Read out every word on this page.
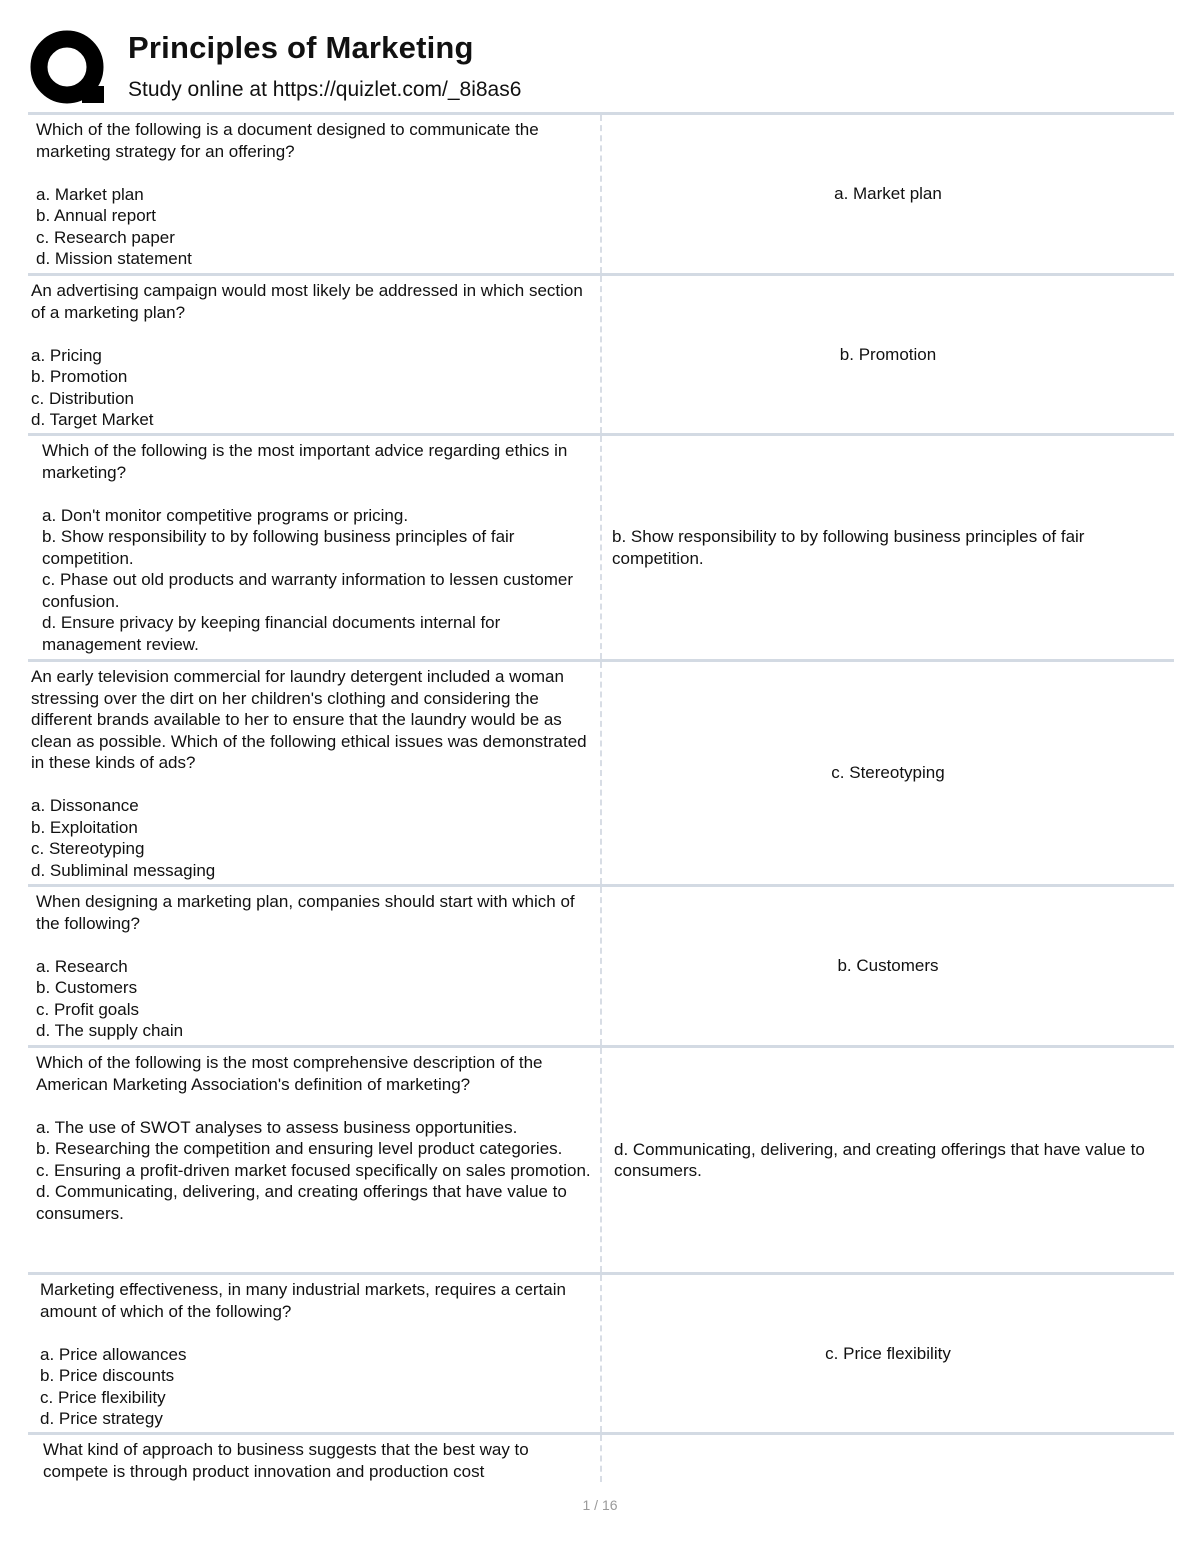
Principles of Marketing
Study online at https://quizlet.com/_8i8as6
Which of the following is a document designed to communicate the marketing strategy for an offering?

a. Market plan
b. Annual report
c. Research paper
d. Mission statement
a. Market plan
An advertising campaign would most likely be addressed in which section of a marketing plan?

a. Pricing
b. Promotion
c. Distribution
d. Target Market
b. Promotion
Which of the following is the most important advice regarding ethics in marketing?

a. Don't monitor competitive programs or pricing.
b. Show responsibility to by following business principles of fair competition.
c. Phase out old products and warranty information to lessen customer confusion.
d. Ensure privacy by keeping financial documents internal for management review.
b. Show responsibility to by following business principles of fair competition.
An early television commercial for laundry detergent included a woman stressing over the dirt on her children's clothing and considering the different brands available to her to ensure that the laundry would be as clean as possible. Which of the following ethical issues was demonstrated in these kinds of ads?

a. Dissonance
b. Exploitation
c. Stereotyping
d. Subliminal messaging
c. Stereotyping
When designing a marketing plan, companies should start with which of the following?

a. Research
b. Customers
c. Profit goals
d. The supply chain
b. Customers
Which of the following is the most comprehensive description of the American Marketing Association's definition of marketing?

a. The use of SWOT analyses to assess business opportunities.
b. Researching the competition and ensuring level product categories.
c. Ensuring a profit-driven market focused specifically on sales promotion.
d. Communicating, delivering, and creating offerings that have value to consumers.
d. Communicating, delivering, and creating offerings that have value to consumers.
Marketing effectiveness, in many industrial markets, requires a certain amount of which of the following?

a. Price allowances
b. Price discounts
c. Price flexibility
d. Price strategy
c. Price flexibility
What kind of approach to business suggests that the best way to compete is through product innovation and production cost
1 / 16
